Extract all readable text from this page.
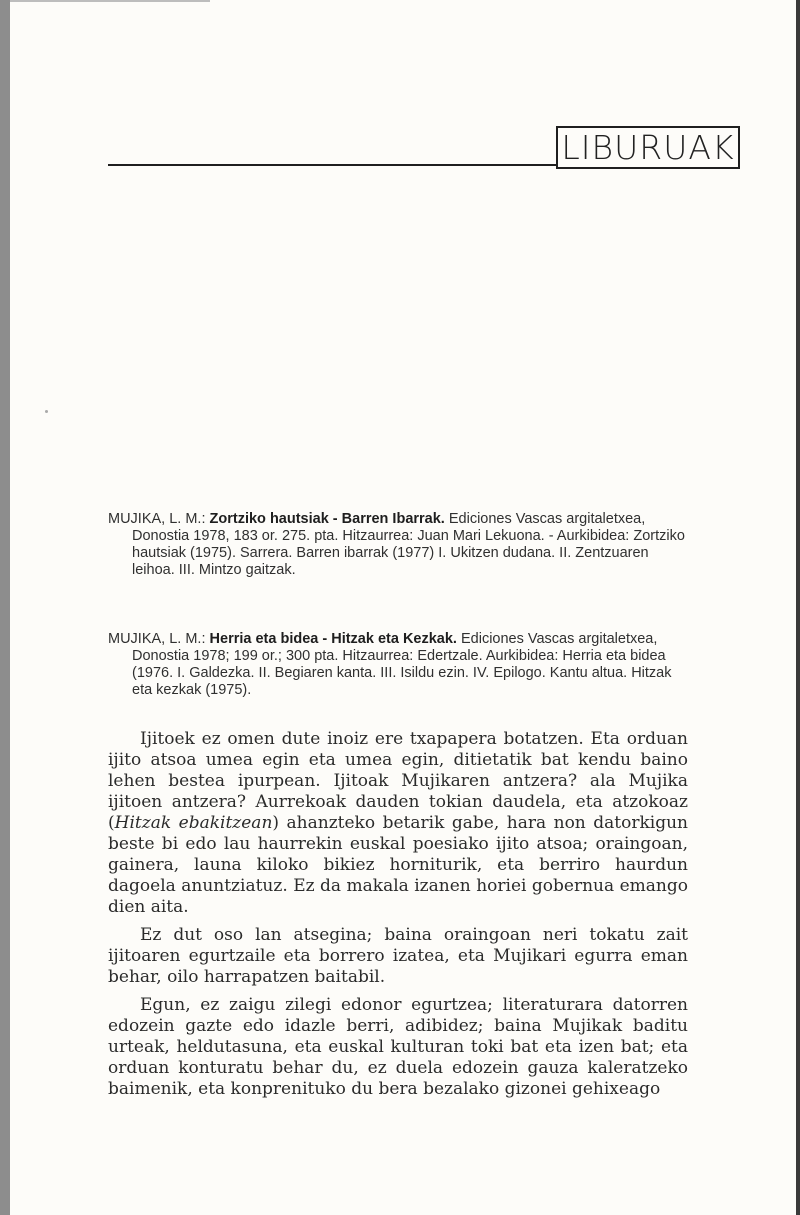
LIBURUAK
MUJIKA, L. M.: Zortziko hautsiak - Barren Ibarrak. Ediciones Vascas argitaletxea, Donostia 1978, 183 or. 275. pta. Hitzaurrea: Juan Mari Lekuona. - Aurkibidea: Zortziko hautsiak (1975). Sarrera. Barren ibarrak (1977) I. Ukitzen dudana. II. Zentzuaren leihoa. III. Mintzo gaitzak.
MUJIKA, L. M.: Herria eta bidea - Hitzak eta Kezkak. Ediciones Vascas argitaletxea, Donostia 1978; 199 or.; 300 pta. Hitzaurrea: Edertzale. Aurkibidea: Herria eta bidea (1976. I. Galdezka. II. Begiaren kanta. III. Isildu ezin. IV. Epilogo. Kantu altua. Hitzak eta kezkak (1975).

Ijitoek ez omen dute inoiz ere txapapera botatzen. Eta orduan ijito atsoa umea egin eta umea egin, ditietatik bat kendu baino lehen bestea ipurpean. Ijitoak Mujikaren antzera? ala Mujika ijitoen antzera? Aurrekoak dauden tokian daudela, eta atzokoaz (Hitzak ebakitzean) ahanzteko betarik gabe, hara non datorkigun beste bi edo lau haurrekin euskal poesiako ijito atsoa; oraingoan, gainera, launa kiloko bikiez horniturik, eta berriro haurdun dagoela anuntziatuz. Ez da makala izanen horiei gobernua emango dien aita.

Ez dut oso lan atsegina; baina oraingoan neri tokatu zait ijitoaren egurtzaile eta borrero izatea, eta Mujikari egurra eman behar, oilo harrapatzen baitabil.

Egun, ez zaigu zilegi edonor egurtzea; literaturara datorren edozein gazte edo idazle berri, adibidez; baina Mujikak baditu urteak, heldutasuna, eta euskal kulturan toki bat eta izen bat; eta orduan konturatu behar du, ez duela edozein gauza kaleratzeko baimenik, eta konprenituko du bera bezalako gizonei gehixeago
